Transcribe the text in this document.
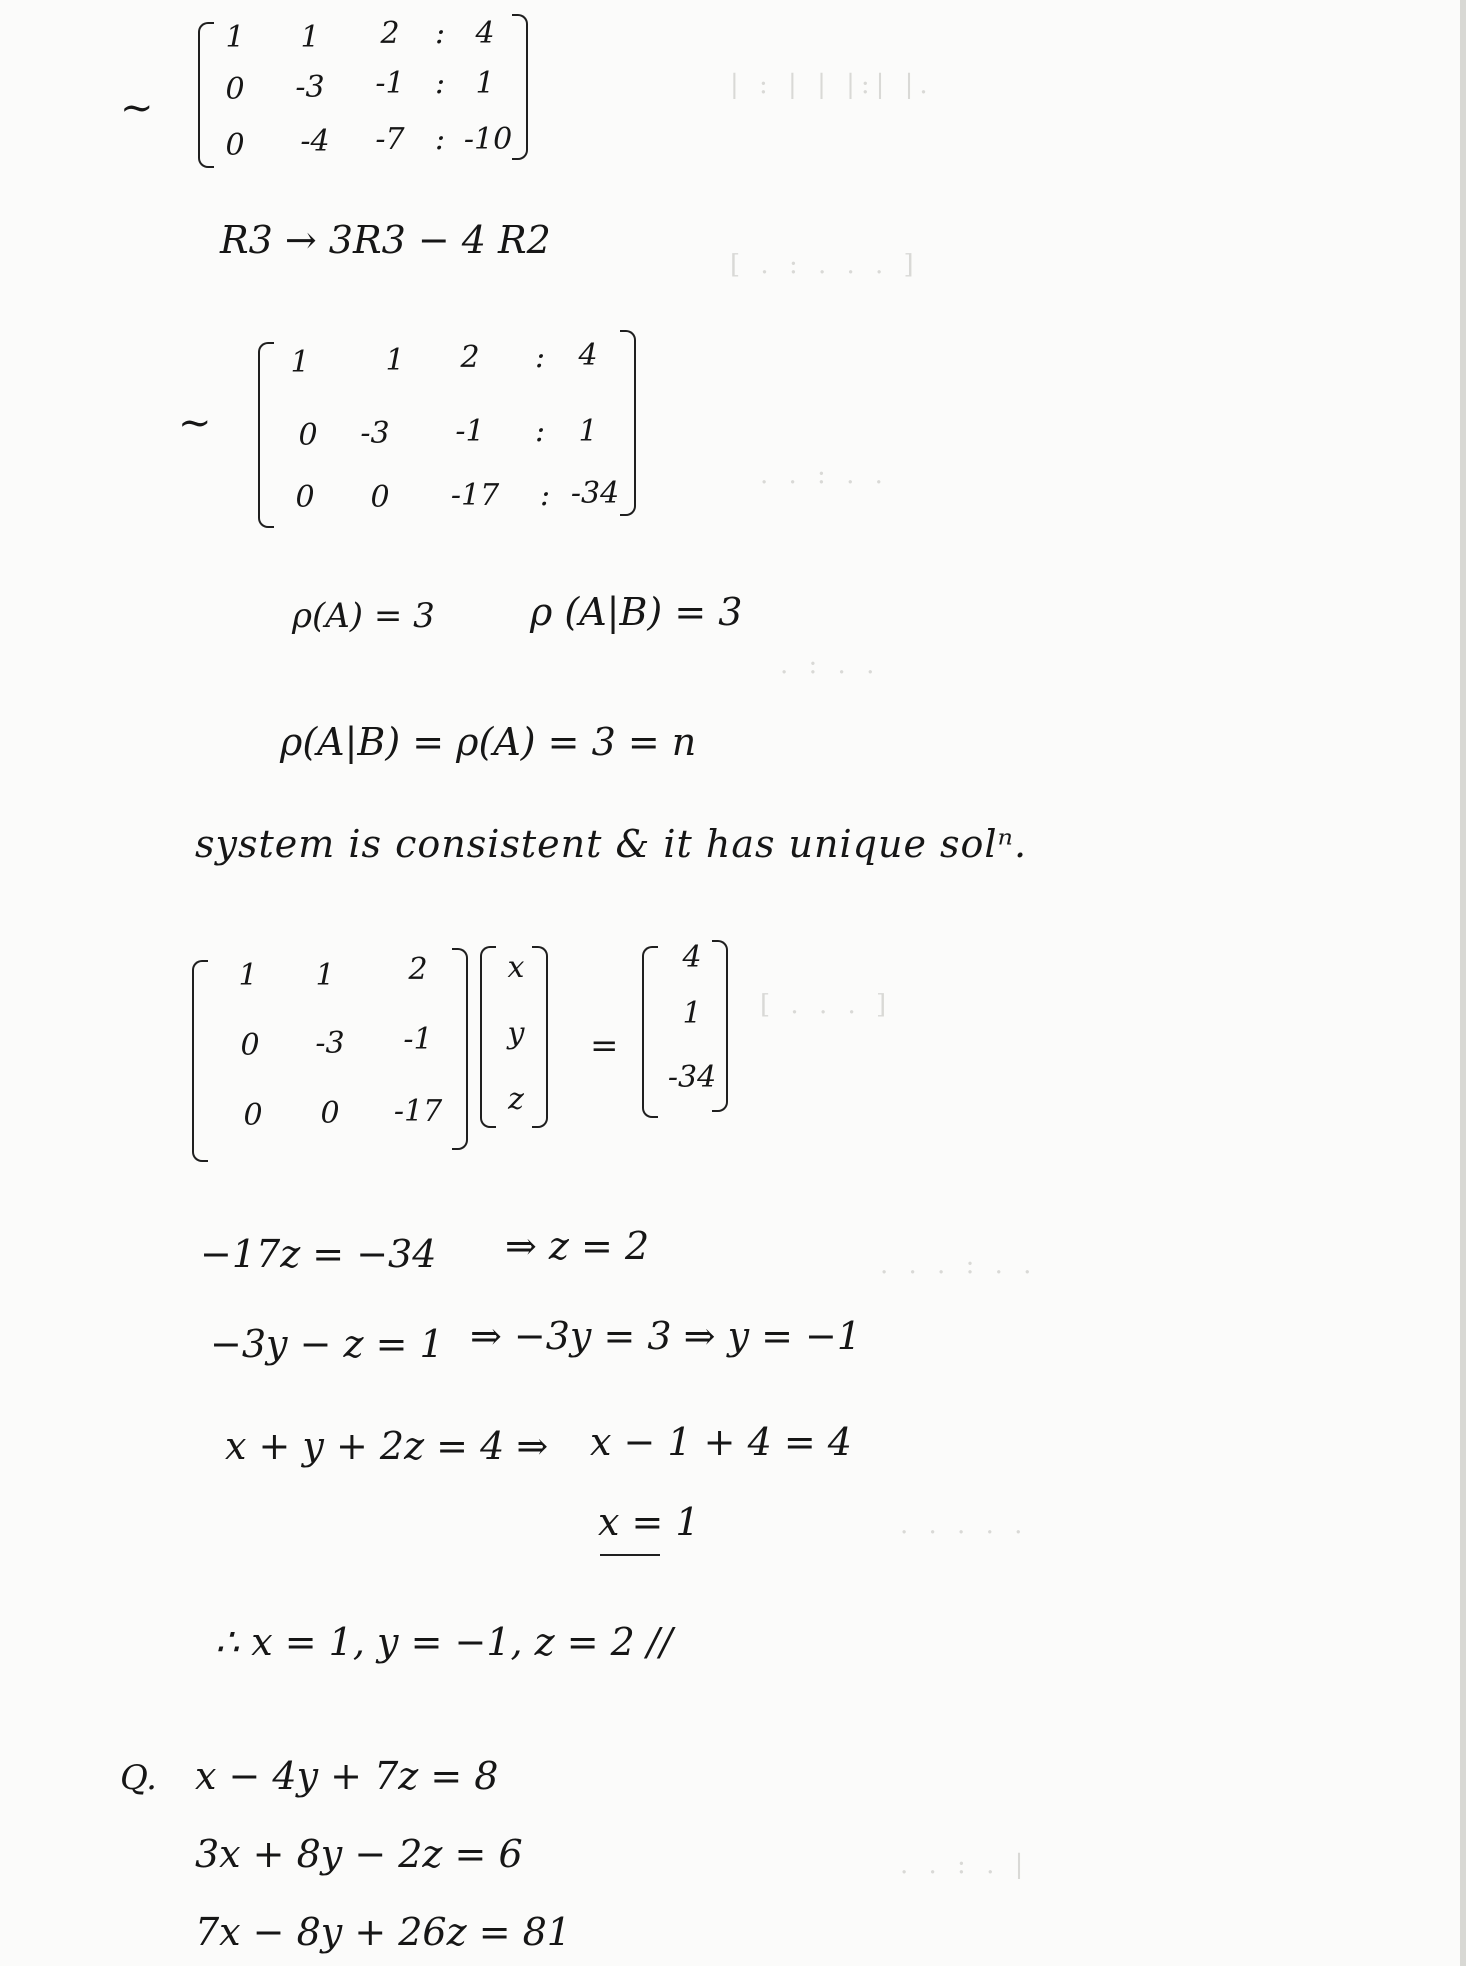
| : | | |:| |.
[ . : . . . ]
. . : . .
. : . .
[ . . . ]
. . . : . .
. . . . .
. . : . |
~
1	1	2	:	4
0	-3	-1	:	1
0	-4	-7	: -10
R3 → 3R3 − 4 R2
~
1	1	2	:	4
0	-3	-1	:	1
0	0	-17	: -34
ρ(A) = 3	ρ (A|B) = 3
ρ(A|B) = ρ(A) = 3 = n
system is consistent & it has unique solⁿ.
1	1	2
0	-3	-1
0	0	-17
x
y
z
=
4
1
-34
−17z = −34 ⇒ z = 2
−3y − z = 1 ⇒ −3y = 3 ⇒ y = −1
x + y + 2z = 4 ⇒ x − 1 + 4 = 4
x = 1
∴ x = 1, y = −1, z = 2 //
Q. x − 4y + 7z = 8
3x + 8y − 2z = 6
7x − 8y + 26z = 81
